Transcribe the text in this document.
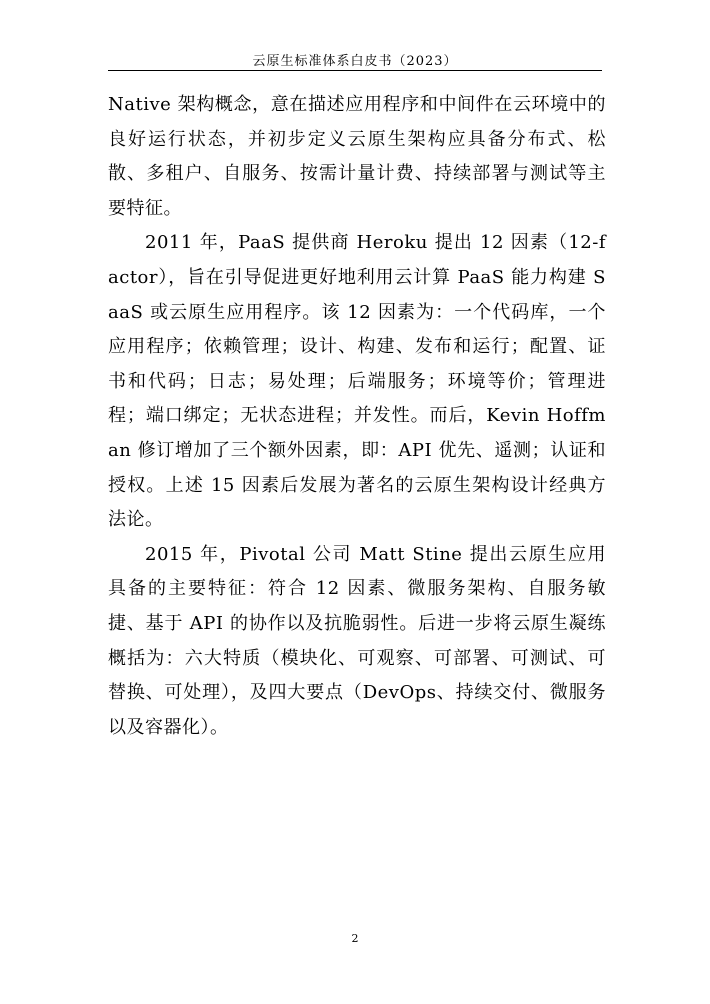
云原生标准体系白皮书（2023）

Native 架构概念，意在描述应用程序和中间件在云环境中的良好运行状态，并初步定义云原生架构应具备分布式、松散、多租户、自服务、按需计量计费、持续部署与测试等主要特征。

2011 年，PaaS 提供商 Heroku 提出 12 因素（12-factor），旨在引导促进更好地利用云计算 PaaS 能力构建 SaaS 或云原生应用程序。该 12 因素为：一个代码库，一个应用程序；依赖管理；设计、构建、发布和运行；配置、证书和代码；日志；易处理；后端服务；环境等价；管理进程；端口绑定；无状态进程；并发性。而后，Kevin Hoffman 修订增加了三个额外因素，即：API 优先、遥测；认证和授权。上述 15 因素后发展为著名的云原生架构设计经典方法论。

2015 年，Pivotal 公司 Matt Stine 提出云原生应用具备的主要特征：符合 12 因素、微服务架构、自服务敏捷、基于 API 的协作以及抗脆弱性。后进一步将云原生凝练概括为：六大特质（模块化、可观察、可部署、可测试、可替换、可处理），及四大要点（DevOps、持续交付、微服务以及容器化）。

2
